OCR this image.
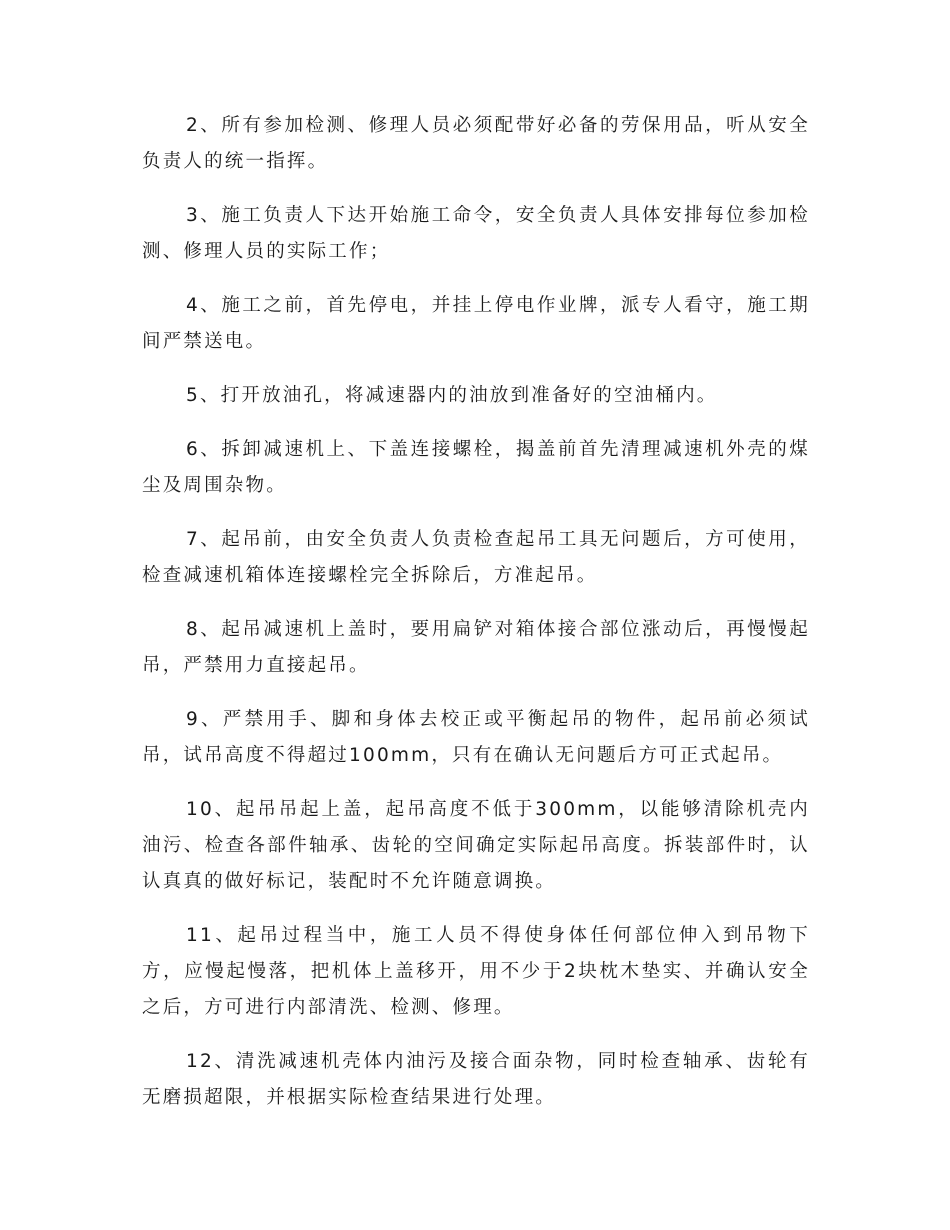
2、所有参加检测、修理人员必须配带好必备的劳保用品，听从安全负责人的统一指挥。

3、施工负责人下达开始施工命令，安全负责人具体安排每位参加检测、修理人员的实际工作；

4、施工之前，首先停电，并挂上停电作业牌，派专人看守，施工期间严禁送电。

5、打开放油孔，将减速器内的油放到准备好的空油桶内。

6、拆卸减速机上、下盖连接螺栓，揭盖前首先清理减速机外壳的煤尘及周围杂物。

7、起吊前，由安全负责人负责检查起吊工具无问题后，方可使用，检查减速机箱体连接螺栓完全拆除后，方准起吊。

8、起吊减速机上盖时，要用扁铲对箱体接合部位涨动后，再慢慢起吊，严禁用力直接起吊。

9、严禁用手、脚和身体去校正或平衡起吊的物件，起吊前必须试吊，试吊高度不得超过100mm，只有在确认无问题后方可正式起吊。

10、起吊吊起上盖，起吊高度不低于300mm，以能够清除机壳内油污、检查各部件轴承、齿轮的空间确定实际起吊高度。拆装部件时，认认真真的做好标记，装配时不允许随意调换。

11、起吊过程当中，施工人员不得使身体任何部位伸入到吊物下方，应慢起慢落，把机体上盖移开，用不少于2块枕木垫实、并确认安全之后，方可进行内部清洗、检测、修理。

12、清洗减速机壳体内油污及接合面杂物，同时检查轴承、齿轮有无磨损超限，并根据实际检查结果进行处理。
